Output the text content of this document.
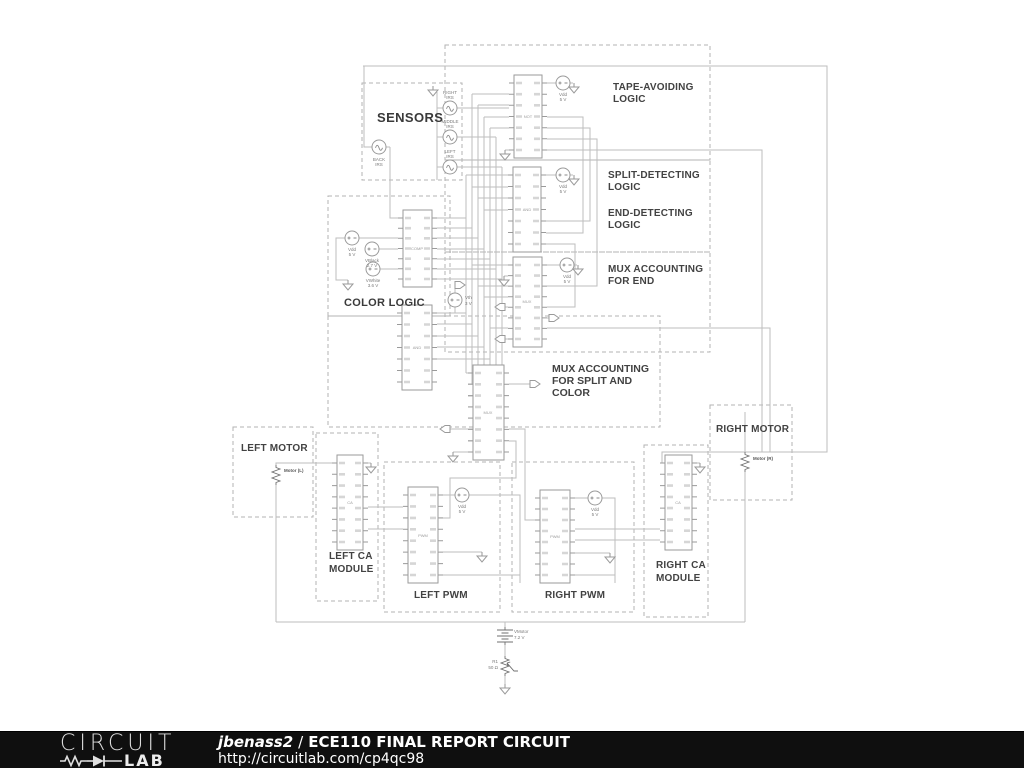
NOT
AND
MUX
COMP
AND
MUX
CA
PWM	PWM
CA
TAPE-AVOIDING
LOGIC
SPLIT-DETECTING
LOGIC
END-DETECTING
LOGIC
MUX ACCOUNTING
FOR END
SENSORS
COLOR LOGIC
MUX ACCOUNTING
FOR SPLIT AND
COLOR
LEFT MOTOR
RIGHT MOTOR
LEFT CA
MODULE
LEFT PWM	RIGHT PWM
RIGHT CA
MODULE
RIGHT
IRS
MIDDLE
IRS
LEFT
IRS
BACK
IRS
Vdd
5 V
Vdd
5 V
Vdd
5 V
Vdd
5 V
VBlack
2.7 V
VWhite
3.6 V
Vth
3 V
Vdd
5 V	Vdd
5 V
Motor (L)
Motor (R)
VMotor
7.2 V
R1
50 Ω
CIRCUIT
LAB
jbenass2 / ECE110 FINAL REPORT CIRCUIT
http://circuitlab.com/cp4qc98
